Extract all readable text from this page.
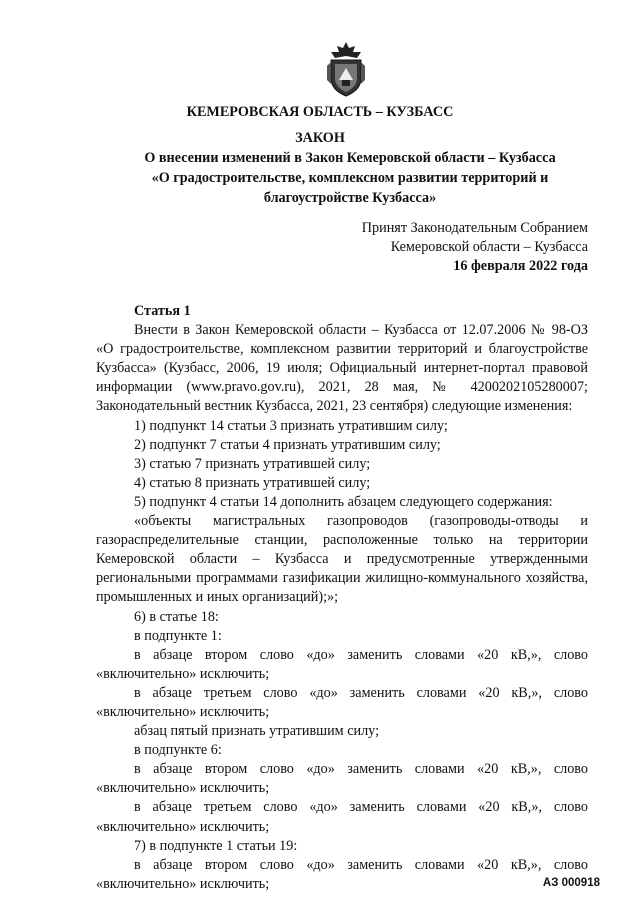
КЕМЕРОВСКАЯ ОБЛАСТЬ – КУЗБАСС
ЗАКОН
О внесении изменений в Закон Кемеровской области – Кузбасса
«О градостроительстве, комплексном развитии территорий и
благоустройстве Кузбасса»
Принят Законодательным Собранием
Кемеровской области – Кузбасса
16 февраля 2022 года

Статья 1

Внести в Закон Кемеровской области – Кузбасса от 12.07.2006 № 98-ОЗ «О градостроительстве, комплексном развитии территорий и благоустройстве Кузбасса» (Кузбасс, 2006, 19 июля; Официальный интернет-портал правовой информации (www.pravo.gov.ru), 2021, 28 мая, № 4200202105280007; Законодательный вестник Кузбасса, 2021, 23 сентября) следующие изменения:

1) подпункт 14 статьи 3 признать утратившим силу;

2) подпункт 7 статьи 4 признать утратившим силу;

3) статью 7 признать утратившей силу;

4) статью 8 признать утратившей силу;

5) подпункт 4 статьи 14 дополнить абзацем следующего содержания:

«объекты магистральных газопроводов (газопроводы-отводы и газораспределительные станции, расположенные только на территории Кемеровской области – Кузбасса и предусмотренные утвержденными региональными программами газификации жилищно-коммунального хозяйства, промышленных и иных организаций);»;

6) в статье 18:

в подпункте 1:

в абзаце втором слово «до» заменить словами «20 кВ,», слово «включительно» исключить;

в абзаце третьем слово «до» заменить словами «20 кВ,», слово «включительно» исключить;

абзац пятый признать утратившим силу;

в подпункте 6:

в абзаце втором слово «до» заменить словами «20 кВ,», слово «включительно» исключить;

в абзаце третьем слово «до» заменить словами «20 кВ,», слово «включительно» исключить;

7) в подпункте 1 статьи 19:

в абзаце втором слово «до» заменить словами «20 кВ,», слово «включительно» исключить;	АЗ 000918
